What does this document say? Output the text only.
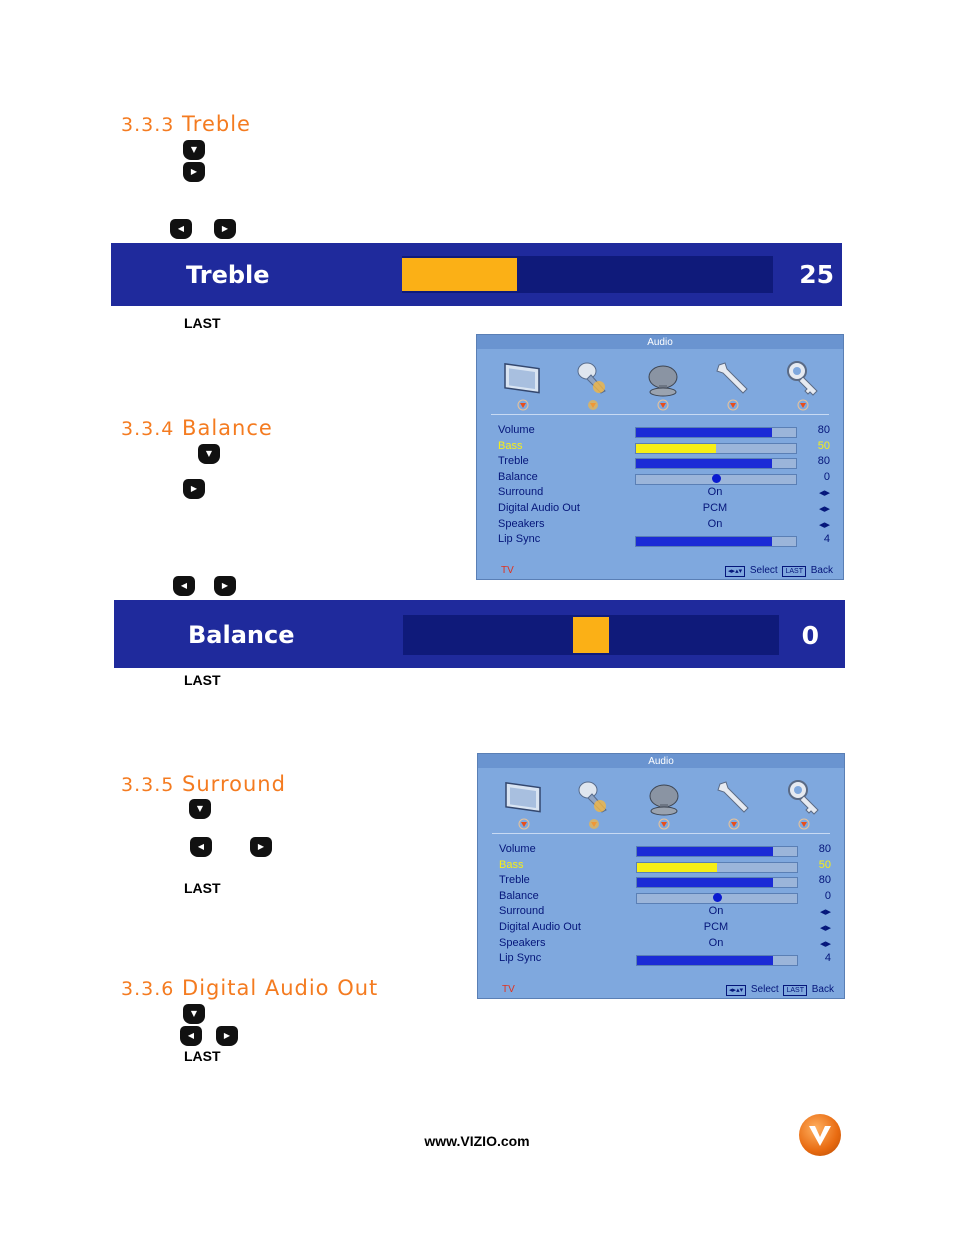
3.3.3 Treble
▼
▶
◀	▶
Treble	25
LAST
Audio
Volume	80
Bass	50
Treble	80
Balance	0
Surround	On	◂▸
Digital Audio Out	PCM	◂▸
Speakers	On	◂▸
Lip Sync	4
TV	◂▸▴▾ Select LAST Back
3.3.4 Balance
▼
▶
◀	▶
Balance	0
LAST
Audio
Volume	80
Bass	50
Treble	80
Balance	0
Surround	On	◂▸
Digital Audio Out	PCM	◂▸
Speakers	On	◂▸
Lip Sync	4
TV	◂▸▴▾ Select LAST Back
3.3.5 Surround
▼
◀	▶
LAST
3.3.6 Digital Audio Out
▼
◀	▶
LAST
www.VIZIO.com
